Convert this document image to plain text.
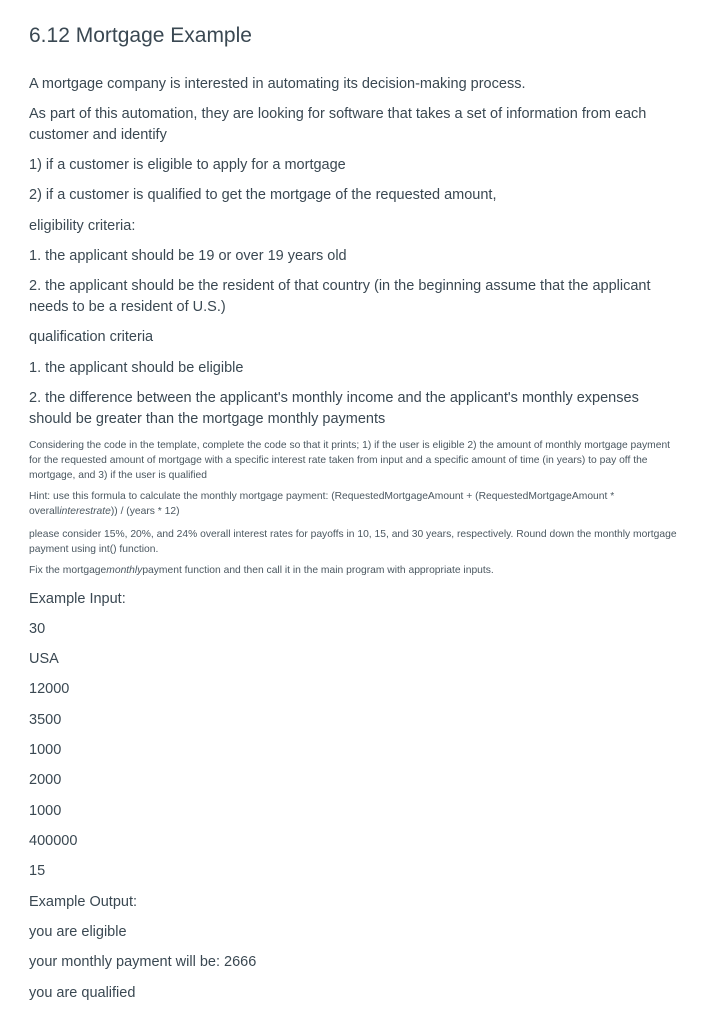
6.12 Mortgage Example

A mortgage company is interested in automating its decision-making process.

As part of this automation, they are looking for software that takes a set of information from each customer and identify

1) if a customer is eligible to apply for a mortgage

2) if a customer is qualified to get the mortgage of the requested amount,

eligibility criteria:

1. the applicant should be 19 or over 19 years old

2. the applicant should be the resident of that country (in the beginning assume that the applicant needs to be a resident of U.S.)

qualification criteria

1. the applicant should be eligible

2. the difference between the applicant's monthly income and the applicant's monthly expenses should be greater than the mortgage monthly payments

Considering the code in the template, complete the code so that it prints; 1) if the user is eligible 2) the amount of monthly mortgage payment for the requested amount of mortgage with a specific interest rate taken from input and a specific amount of time (in years) to pay off the mortgage, and 3) if the user is qualified

Hint: use this formula to calculate the monthly mortgage payment: (RequestedMortgageAmount + (RequestedMortgageAmount * overallinterestrate)) / (years * 12)

please consider 15%, 20%, and 24% overall interest rates for payoffs in 10, 15, and 30 years, respectively. Round down the monthly mortgage payment using int() function.

Fix the mortgagemonthlypayment function and then call it in the main program with appropriate inputs.

Example Input:

30

USA

12000

3500

1000

2000

1000

400000

15

Example Output:

you are eligible

your monthly payment will be: 2666

you are qualified
